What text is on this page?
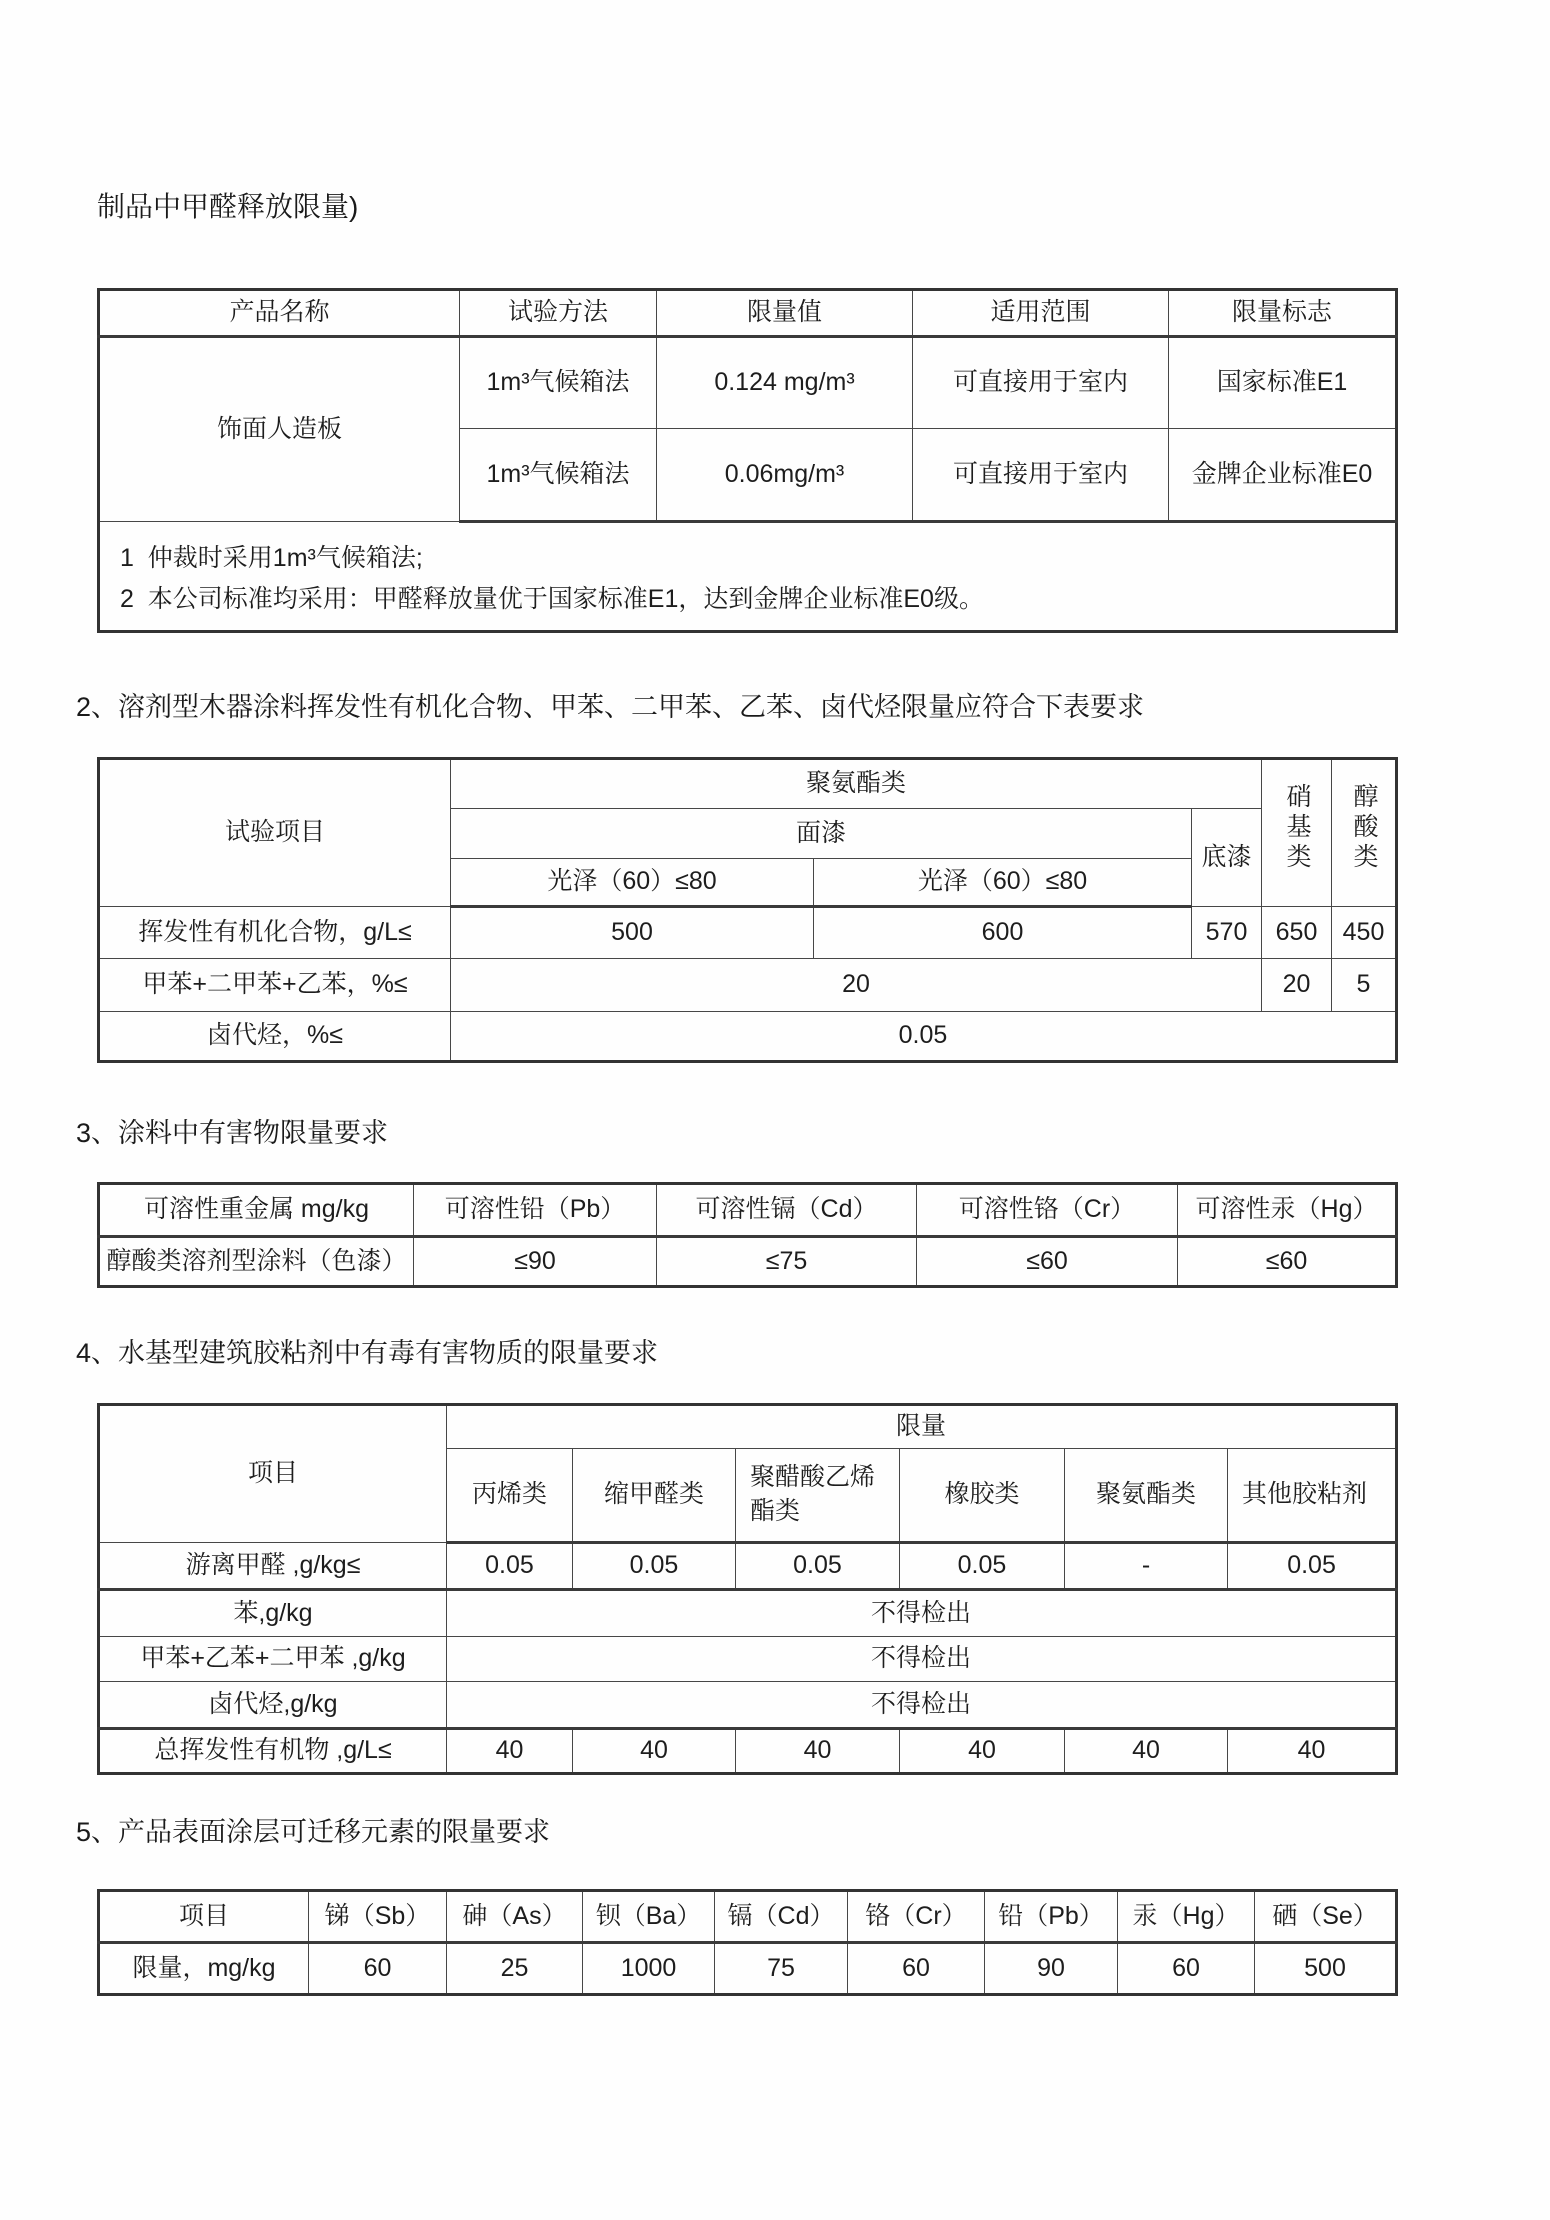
制品中甲醛释放限量)
产品名称	试验方法	限量值	适用范围	限量标志
饰面人造板	1m³气候箱法	0.124 mg/m³	可直接用于室内	国家标准E1
	1m³气候箱法	0.06mg/m³	可直接用于室内	金牌企业标准E0

1  仲裁时采用1m³气候箱法;
2  本公司标准均采用：甲醛释放量优于国家标准E1，达到金牌企业标准E0级。				
2、溶剂型木器涂料挥发性有机化合物、甲苯、二甲苯、乙苯、卤代烃限量应符合下表要求
试验项目	聚氨酯类			硝基类	醇酸类
	面漆		底漆		
	光泽（60）≤80	光泽（60）≤80			
挥发性有机化合物，g/L≤	500	600	570	650	450
甲苯+二甲苯+乙苯，%≤	20			20	5
卤代烃，%≤	0.05				
3、涂料中有害物限量要求
可溶性重金属 mg/kg	可溶性铅（Pb）	可溶性镉（Cd）	可溶性铬（Cr）	可溶性汞（Hg）
醇酸类溶剂型涂料（色漆）	≤90	≤75	≤60	≤60
4、水基型建筑胶粘剂中有毒有害物质的限量要求
项目	限量					
	丙烯类	缩甲醛类	聚醋酸乙烯酯类	橡胶类	聚氨酯类	其他胶粘剂
游离甲醛 ,g/kg≤	0.05	0.05	0.05	0.05	-	0.05
苯,g/kg	不得检出					
甲苯+乙苯+二甲苯 ,g/kg	不得检出					
卤代烃,g/kg	不得检出					
总挥发性有机物 ,g/L≤	40	40	40	40	40	40
5、产品表面涂层可迁移元素的限量要求
项目	锑（Sb）	砷（As）	钡（Ba）	镉（Cd）	铬（Cr）	铅（Pb）	汞（Hg）	硒（Se）
限量，mg/kg	60	25	1000	75	60	90	60	500
